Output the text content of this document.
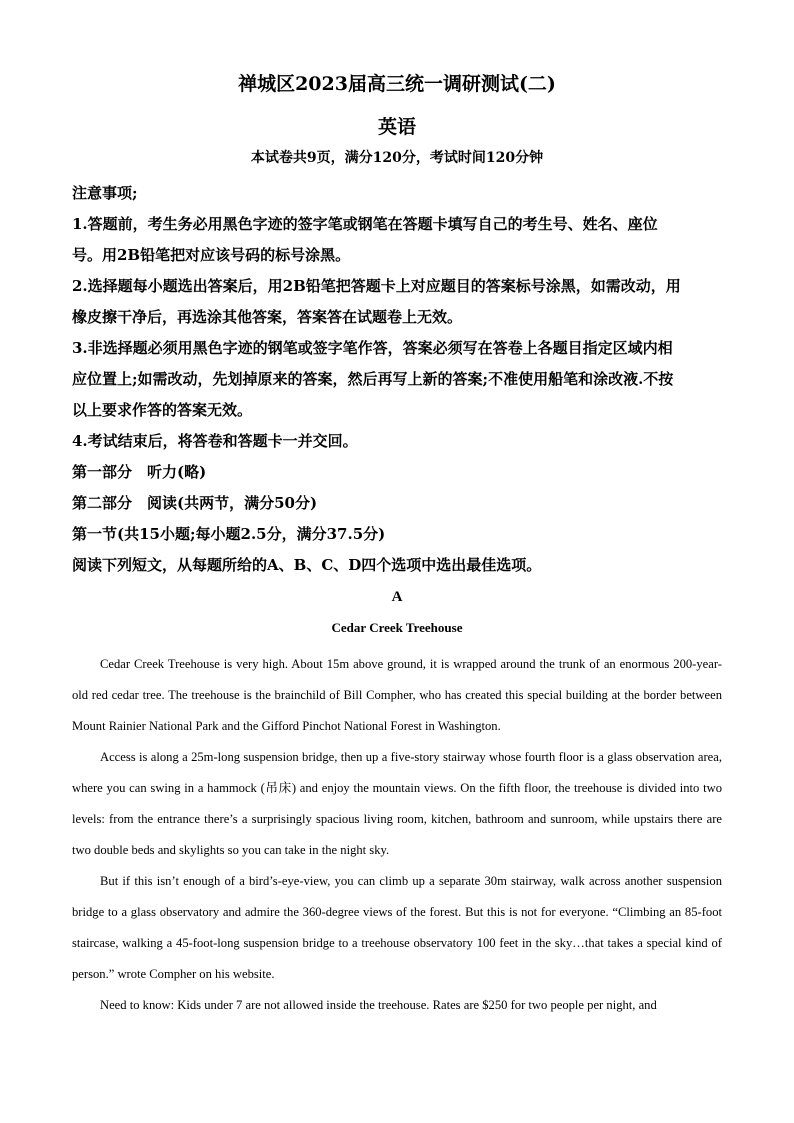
禅城区2023届高三统一调研测试(二)
英语
本试卷共9页，满分120分，考试时间120分钟

注意事项;

1.答题前，考生务必用黑色字迹的签字笔或钢笔在答题卡填写自己的考生号、姓名、座位

号。用2B铅笔把对应该号码的标号涂黑。

2.选择题每小题选出答案后，用2B铅笔把答题卡上对应题目的答案标号涂黑，如需改动，用

橡皮擦干净后，再选涂其他答案，答案答在试题卷上无效。

3.非选择题必须用黑色字迹的钢笔或签字笔作答，答案必须写在答卷上各题目指定区域内相

应位置上;如需改动，先划掉原来的答案，然后再写上新的答案;不准使用船笔和涂改液.不按

以上要求作答的答案无效。

4.考试结束后，将答卷和答题卡一并交回。

第一部分　听力(略)

第二部分　阅读(共两节，满分50分)

第一节(共15小题;每小题2.5分，满分37.5分)

阅读下列短文，从每题所给的A、B、C、D四个选项中选出最佳选项。

A
Cedar Creek Treehouse

Cedar Creek Treehouse is very high. About 15m above ground, it is wrapped around the trunk of an enormous 200-year-old red cedar tree. The treehouse is the brainchild of Bill Compher, who has created this special building at the border between Mount Rainier National Park and the Gifford Pinchot National Forest in Washington.

Access is along a 25m-long suspension bridge, then up a five-story stairway whose fourth floor is a glass observation area, where you can swing in a hammock (吊床) and enjoy the mountain views. On the fifth floor, the treehouse is divided into two levels: from the entrance there’s a surprisingly spacious living room, kitchen, bathroom and sunroom, while upstairs there are two double beds and skylights so you can take in the night sky.

But if this isn’t enough of a bird’s-eye-view, you can climb up a separate 30m stairway, walk across another suspension bridge to a glass observatory and admire the 360-degree views of the forest. But this is not for everyone. “Climbing an 85-foot staircase, walking a 45-foot-long suspension bridge to a treehouse observatory 100 feet in the sky…that takes a special kind of person.” wrote Compher on his website.

Need to know: Kids under 7 are not allowed inside the treehouse. Rates are $250 for two people per night, and
